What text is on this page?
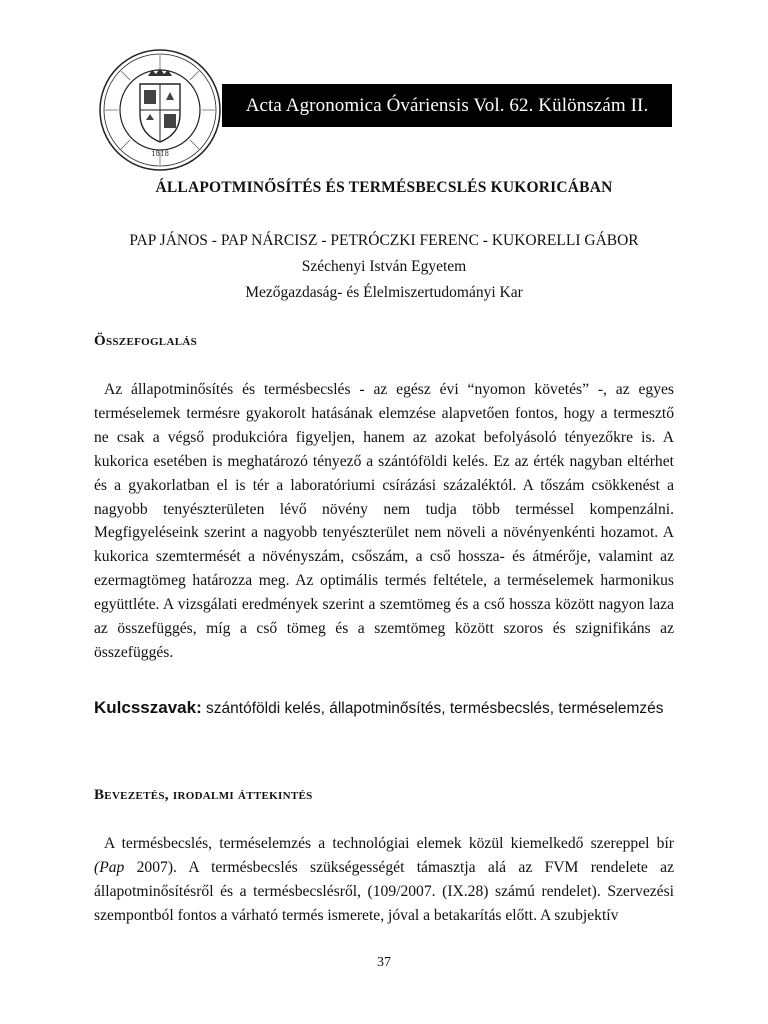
1818
Acta Agronomica Óváriensis Vol. 62. Különszám II.
ÁLLAPOTMINŐSÍTÉS ÉS TERMÉSBECSLÉS KUKORICÁBAN
PAP JÁNOS - PAP NÁRCISZ - PETRÓCZKI FERENC - KUKORELLI GÁBOR
Széchenyi István Egyetem
Mezőgazdaság- és Élelmiszertudományi Kar
Összefoglalás

Az állapotminősítés és termésbecslés - az egész évi “nyomon követés” -, az egyes terméselemek termésre gyakorolt hatásának elemzése alapvetően fontos, hogy a termesztő ne csak a végső produkcióra figyeljen, hanem az azokat befolyásoló tényezőkre is. A kukorica esetében is meghatározó tényező a szántóföldi kelés. Ez az érték nagyban eltérhet és a gyakorlatban el is tér a laboratóriumi csírázási százaléktól. A tőszám csökkenést a nagyobb tenyészterületen lévő növény nem tudja több terméssel kompenzálni. Megfigyeléseink szerint a nagyobb tenyészterület nem növeli a növényenkénti hozamot. A kukorica szemtermését a növényszám, csőszám, a cső hossza- és átmérője, valamint az ezermagtömeg határozza meg. Az optimális termés feltétele, a terméselemek harmonikus együttléte. A vizsgálati eredmények szerint a szemtömeg és a cső hossza között nagyon laza az összefüggés, míg a cső tömeg és a szemtömeg között szoros és szignifikáns az összefüggés.

Kulcsszavak: szántóföldi kelés, állapotminősítés, termésbecslés, terméselemzés
Bevezetés, irodalmi áttekintés

A termésbecslés, terméselemzés a technológiai elemek közül kiemelkedő szereppel bír (Pap 2007). A termésbecslés szükségességét támasztja alá az FVM rendelete az állapotminősítésről és a termésbecslésről, (109/2007. (IX.28) számú rendelet). Szervezési szempontból fontos a várható termés ismerete, jóval a betakarítás előtt. A szubjektív

37
